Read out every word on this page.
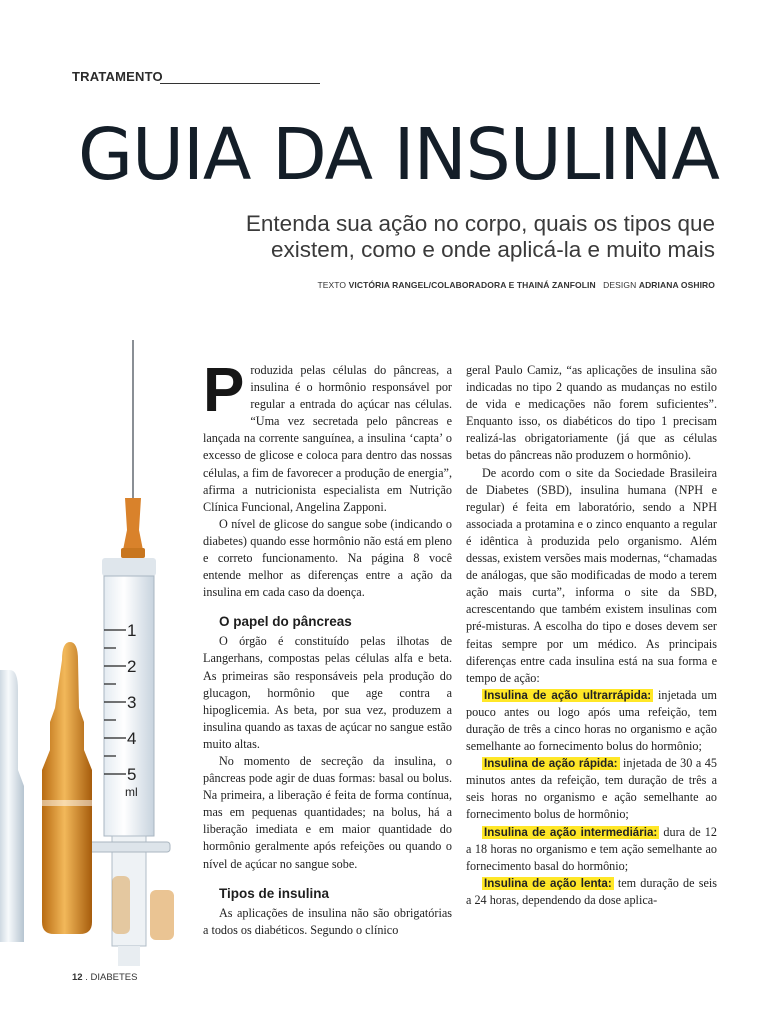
TRATAMENTO
GUIA DA INSULINA
Entenda sua ação no corpo, quais os tipos que
existem, como e onde aplicá-la e muito mais
TEXTO VICTÓRIA RANGEL/COLABORADORA E THAINÁ ZANFOLIN DESIGN ADRIANA OSHIRO
1
2
3
4
5
ml

Produzida pelas células do pâncreas, a insulina é o hormônio responsável por regular a entrada do açúcar nas células. “Uma vez secretada pelo pâncreas e lançada na corrente sanguínea, a insulina ‘capta’ o excesso de glicose e coloca para dentro das nossas células, a fim de favorecer a produção de energia”, afirma a nutricionista especialista em Nutrição Clínica Funcional, Angelina Zapponi.

O nível de glicose do sangue sobe (indicando o diabetes) quando esse hormônio não está em pleno e correto funcionamento. Na página 8 você entende melhor as diferenças entre a ação da insulina em cada caso da doença.

O papel do pâncreas

O órgão é constituído pelas ilhotas de Langerhans, compostas pelas células alfa e beta. As primeiras são responsáveis pela produção do glucagon, hormônio que age contra a hipoglicemia. As beta, por sua vez, produzem a insulina quando as taxas de açúcar no sangue estão muito altas.

No momento de secreção da insulina, o pâncreas pode agir de duas formas: basal ou bolus. Na primeira, a liberação é feita de forma contínua, mas em pequenas quantidades; na bolus, há a liberação imediata e em maior quantidade do hormônio geralmente após refeições ou quando o nível de açúcar no sangue sobe.

Tipos de insulina

As aplicações de insulina não são obrigatórias a todos os diabéticos. Segundo o clínico

geral Paulo Camiz, “as aplicações de insulina são indicadas no tipo 2 quando as mudanças no estilo de vida e medicações não forem suficientes”. Enquanto isso, os diabéticos do tipo 1 precisam realizá-las obrigatoriamente (já que as células betas do pâncreas não produzem o hormônio).

De acordo com o site da Sociedade Brasileira de Diabetes (SBD), insulina humana (NPH e regular) é feita em laboratório, sendo a NPH associada a protamina e o zinco enquanto a regular é idêntica à produzida pelo organismo. Além dessas, existem versões mais modernas, “chamadas de análogas, que são modificadas de modo a terem ação mais curta”, informa o site da SBD, acrescentando que também existem insulinas com pré-misturas. A escolha do tipo e doses devem ser feitas sempre por um médico. As principais diferenças entre cada insulina está na sua forma e tempo de ação:

Insulina de ação ultrarrápida: injetada um pouco antes ou logo após uma refeição, tem duração de três a cinco horas no organismo e ação semelhante ao fornecimento bolus do hormônio;

Insulina de ação rápida: injetada de 30 a 45 minutos antes da refeição, tem duração de três a seis horas no organismo e ação semelhante ao fornecimento bolus de hormônio;

Insulina de ação intermediária: dura de 12 a 18 horas no organismo e tem ação semelhante ao fornecimento basal do hormônio;

Insulina de ação lenta: tem duração de seis a 24 horas, dependendo da dose aplica-

12 . DIABETES
